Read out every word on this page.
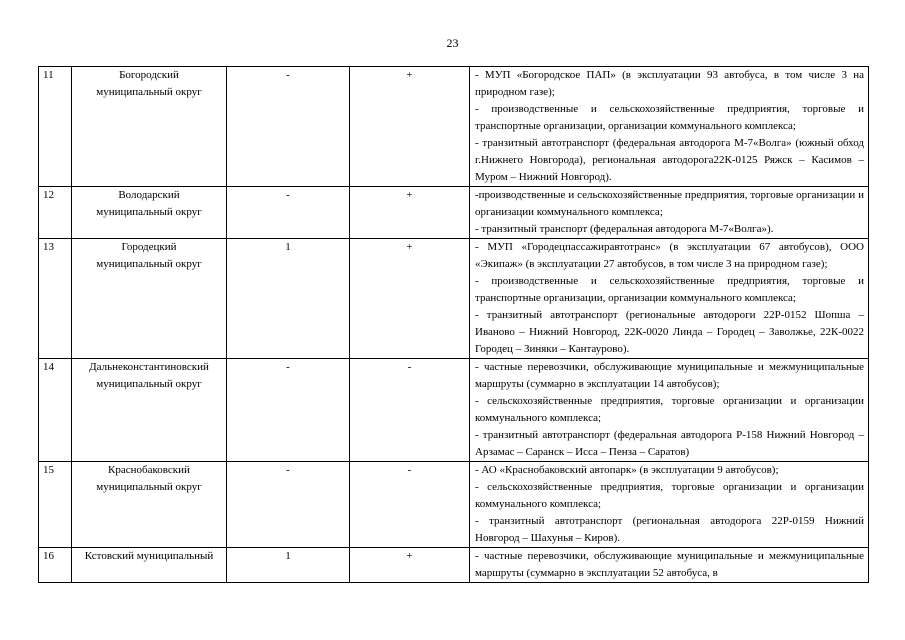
23
11	Богородский муниципальный округ	-	+	- МУП «Богородское ПАП» (в эксплуатации 93 автобуса, в том числе 3 на природном газе);
- производственные и сельскохозяйственные предприятия, торговые и транспортные организации, организации коммунального комплекса;
- транзитный автотранспорт (федеральная автодорога М-7«Волга» (южный обход г.Нижнего Новгорода), региональная автодорога22К-0125 Ряжск – Касимов – Муром – Нижний Новгород).

12	Володарский муниципальный округ	-	+	-производственные и сельскохозяйственные предприятия, торговые организации и организации коммунального комплекса;
- транзитный транспорт (федеральная автодорога М-7«Волга»).

13	Городецкий муниципальный округ	1	+	- МУП «Городецпассажиравтотранс» (в эксплуатации 67 автобусов), ООО «Экипаж» (в эксплуатации 27 автобусов, в том числе 3 на природном газе);
- производственные и сельскохозяйственные предприятия, торговые и транспортные организации, организации коммунального комплекса;
- транзитный автотранспорт (региональные автодороги 22Р-0152 Шопша – Иваново – Нижний Новгород, 22К-0020 Линда – Городец – Заволжье, 22К-0022 Городец – Зиняки – Кантаурово).

14	Дальнеконстантиновский муниципальный округ	-	-	- частные перевозчики, обслуживающие муниципальные и межмуниципальные маршруты (суммарно в эксплуатации 14 автобусов);
- сельскохозяйственные предприятия, торговые организации и организации коммунального комплекса;
- транзитный автотранспорт (федеральная автодорога Р-158 Нижний Новгород – Арзамас – Саранск – Исса – Пенза – Саратов)

15	Краснобаковский муниципальный округ	-	-	- АО «Краснобаковский автопарк» (в эксплуатации 9 автобусов);
- сельскохозяйственные предприятия, торговые организации и организации коммунального комплекса;
- транзитный автотранспорт (региональная автодорога 22Р-0159 Нижний Новгород – Шахунья – Киров).

16	Кстовский муниципальный	1	+	- частные перевозчики, обслуживающие муниципальные и межмуниципальные маршруты (суммарно в эксплуатации 52 автобуса, в
